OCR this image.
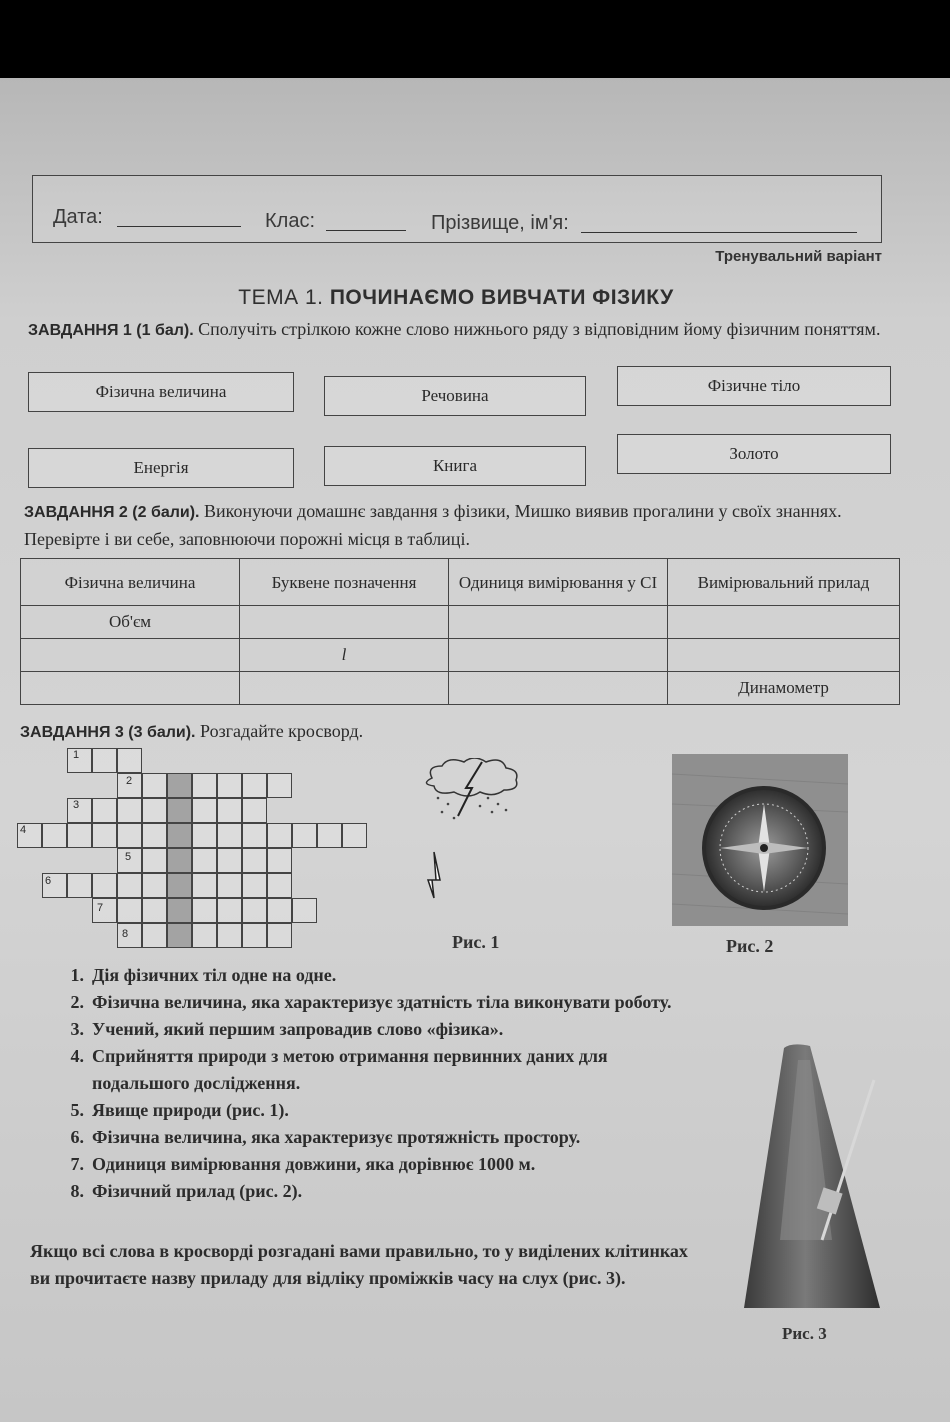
Дата:	Клас:	Прізвище, ім'я:
Тренувальний варіант
ТЕМА 1. ПОЧИНАЄМО ВИВЧАТИ ФІЗИКУ
ЗАВДАННЯ 1 (1 бал). Сполучіть стрілкою кожне слово нижнього ряду з відповідним йому фізичним поняттям.
Фізична величина	Речовина
Фізичне тіло
Енергія	Книга
Золото
ЗАВДАННЯ 2 (2 бали). Виконуючи домашнє завдання з фізики, Мишко виявив прогалини у своїх знаннях. Перевірте і ви себе, заповнюючи порожні місця в таблиці.
Фізична величина	Буквене позначення	Одиниця вимірювання у СІ	Вимірювальний прилад
Об'єм			
	l		
			Динамометр
ЗАВДАННЯ 3 (3 бали). Розгадайте кросворд.
1
2
3
4
5
6
7
8	Рис. 1	Рис. 2
Рис. 3
1. Дія фізичних тіл одне на одне.
2. Фізична величина, яка характеризує здатність тіла виконувати роботу.
3. Учений, який першим запровадив слово «фізика».
4. Сприйняття природи з метою отримання первинних даних для подальшого дослідження.
5. Явище природи (рис. 1).
6. Фізична величина, яка характеризує протяжність простору.
7. Одиниця вимірювання довжини, яка дорівнює 1000 м.
8. Фізичний прилад (рис. 2).
Якщо всі слова в кросворді розгадані вами правильно, то у виділених клітинках ви прочитаєте назву приладу для відліку проміжків часу на слух (рис. 3).
